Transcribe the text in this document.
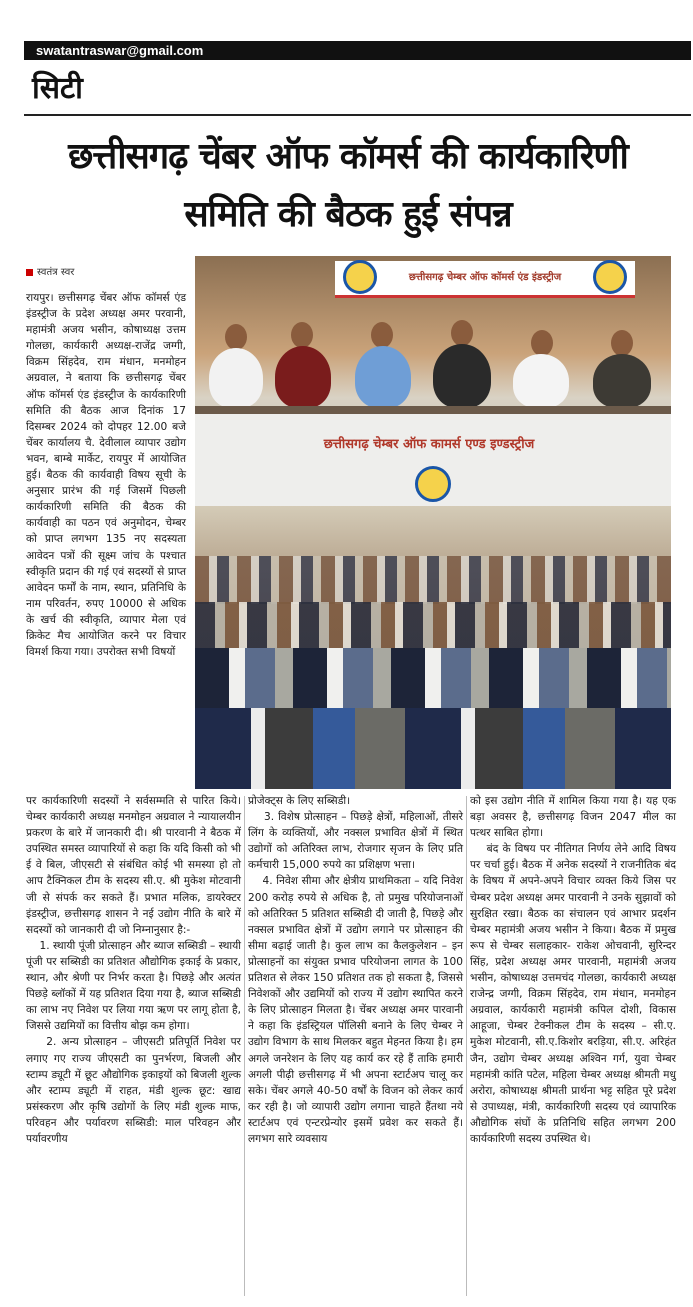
swatantraswar@gmail.com
सिटी
छत्तीसगढ़ चेंबर ऑफ कॉमर्स की कार्यकारिणी
समिति की बैठक हुई संपन्न
स्वतंत्र स्वर	छत्तीसगढ़ चेम्बर ऑफ कॉमर्स एंड इंडस्ट्रीज
छत्तीसगढ़ चेम्बर ऑफ कामर्स एण्ड इण्डस्ट्रीज
रायपुर। छत्तीसगढ़ चेंबर ऑफ कॉमर्स एंड इंडस्ट्रीज के प्रदेश अध्यक्ष अमर परवानी, महामंत्री अजय भसीन, कोषाध्यक्ष उत्तम गोलछा, कार्यकारी अध्यक्ष-राजेंद्र जग्गी, विक्रम सिंहदेव, राम मंधान, मनमोहन अग्रवाल, ने बताया कि छत्तीसगढ़ चेंबर ऑफ कॉमर्स एंड इंडस्ट्रीज के कार्यकारिणी समिति की बैठक आज दिनांक 17 दिसम्बर 2024 को दोपहर 12.00 बजे चेंबर कार्यालय चै. देवीलाल व्यापार उद्योग भवन, बाम्बे मार्केट, रायपुर में आयोजित हुई। बैठक की कार्यवाही विषय सूची के अनुसार प्रारंभ की गई जिसमें पिछली कार्यकारिणी समिति की बैठक की कार्यवाही का पठन एवं अनुमोदन, चेम्बर को प्राप्त लगभग 135 नए सदस्यता आवेदन पत्रों की सूक्ष्म जांच के पश्चात स्वीकृति प्रदान की गई एवं सदस्यों से प्राप्त आवेदन फर्मों के नाम, स्थान, प्रतिनिधि के नाम परिवर्तन, रुपए 10000 से अधिक के खर्च की स्वीकृति, व्यापार मेला एवं क्रिकेट मैच आयोजित करने पर विचार विमर्श किया गया। उपरोक्त सभी विषयों
पर कार्यकारिणी सदस्यों ने सर्वसम्मति से पारित किये। चेम्बर कार्यकारी अध्यक्ष मनमोहन अग्रवाल ने न्यायालयीन प्रकरण के बारे में जानकारी दी। श्री पारवानी ने बैठक में उपस्थित समस्त व्यापारियों से कहा कि यदि किसी को भी ई वे बिल, जीएसटी से संबंधित कोई भी समस्या हो तो आप टैक्निकल टीम के सदस्य सी.ए. श्री मुकेश मोटवानी जी से संपर्क कर सकते हैं। प्रभात मलिक, डायरेक्टर इंडस्ट्रीज, छत्तीसगढ़ शासन ने नई उद्योग नीति के बारे में सदस्यों को जानकारी दी जो निम्नानुसार है:-
1. स्थायी पूंजी प्रोत्साहन और ब्याज सब्सिडी – स्थायी पूंजी पर सब्सिडी का प्रतिशत औद्योगिक इकाई के प्रकार, स्थान, और श्रेणी पर निर्भर करता है। पिछड़े और अत्यंत पिछड़े ब्लॉकों में यह प्रतिशत दिया गया है, ब्याज सब्सिडी का लाभ नए निवेश पर लिया गया ऋण पर लागू होता है, जिससे उद्यमियों का वित्तीय बोझ कम होगा।
2. अन्य प्रोत्साहन – जीएसटी प्रतिपूर्ति निवेश पर लगाए गए राज्य जीएसटी का पुनर्भरण, बिजली और स्टाम्प ड्यूटी में छूट औद्योगिक इकाइयों को बिजली शुल्क और स्टाम्प ड्यूटी में राहत, मंडी शुल्क छूट: खाद्य प्रसंस्करण और कृषि उद्योगों के लिए मंडी शुल्क माफ, परिवहन और पर्यावरण सब्सिडी: माल परिवहन और पर्यावरणीय
प्रोजेक्ट्स के लिए सब्सिडी।
3. विशेष प्रोत्साहन – पिछड़े क्षेत्रों, महिलाओं, तीसरे लिंग के व्यक्तियों, और नक्सल प्रभावित क्षेत्रों में स्थित उद्योगों को अतिरिक्त लाभ, रोजगार सृजन के लिए प्रति कर्मचारी 15,000 रुपये का प्रशिक्षण भत्ता।
4. निवेश सीमा और क्षेत्रीय प्राथमिकता – यदि निवेश 200 करोड़ रुपये से अधिक है, तो प्रमुख परियोजनाओं को अतिरिक्त 5 प्रतिशत सब्सिडी दी जाती है, पिछड़े और नक्सल प्रभावित क्षेत्रों में उद्योग लगाने पर प्रोत्साहन की सीमा बढ़ाई जाती है। कुल लाभ का कैलकुलेशन – इन प्रोत्साहनों का संयुक्त प्रभाव परियोजना लागत के 100 प्रतिशत से लेकर 150 प्रतिशत तक हो सकता है, जिससे निवेशकों और उद्यमियों को राज्य में उद्योग स्थापित करने के लिए प्रोत्साहन मिलता है। चेंबर अध्यक्ष अमर पारवानी ने कहा कि इंडस्ट्रियल पॉलिसी बनाने के लिए चेम्बर ने उद्योग विभाग के साथ मिलकर बहुत मेहनत किया है। हम अगले जनरेशन के लिए यह कार्य कर रहे हैं ताकि हमारी अगली पीढ़ी छत्तीसगढ़ में भी अपना स्टार्टअप चालू कर सके। चेंबर अगले 40-50 वर्षों के विजन को लेकर कार्य कर रही है। जो व्यापारी उद्योग लगाना चाहते हैंतथा नये स्टार्टअप एवं एन्टरप्रेन्योर इसमें प्रवेश कर सकते हैं। लगभग सारे व्यवसाय
को इस उद्योग नीति में शामिल किया गया है। यह एक बड़ा अवसर है, छत्तीसगढ़ विजन 2047 मील का पत्थर साबित होगा।
बंद के विषय पर नीतिगत निर्णय लेने आदि विषय पर चर्चा हुई। बैठक में अनेक सदस्यों ने राजनीतिक बंद के विषय में अपने-अपने विचार व्यक्त किये जिस पर चेम्बर प्रदेश अध्यक्ष अमर पारवानी ने उनके सुझावों को सुरक्षित रखा। बैठक का संचालन एवं आभार प्रदर्शन चेम्बर महामंत्री अजय भसीन ने किया। बैठक में प्रमुख रूप से चेम्बर सलाहकार- राकेश ओचवानी, सुरिन्दर सिंह, प्रदेश अध्यक्ष अमर पारवानी, महामंत्री अजय भसीन, कोषाध्यक्ष उत्तमचंद गोलछा, कार्यकारी अध्यक्ष राजेन्द्र जग्गी, विक्रम सिंहदेव, राम मंधान, मनमोहन अग्रवाल, कार्यकारी महामंत्री कपिल दोशी, विकास आहूजा, चेम्बर टेक्नीकल टीम के सदस्य – सी.ए. मुकेश मोटवानी, सी.ए.किशोर बरड़िया, सी.ए. अरिहंत जैन, उद्योग चेम्बर अध्यक्ष अश्विन गर्ग, युवा चेम्बर महामंत्री कांति पटेल, महिला चेम्बर अध्यक्ष श्रीमती मधु अरोरा, कोषाध्यक्ष श्रीमती प्रार्थना भट्ट सहित पूरे प्रदेश से उपाध्यक्ष, मंत्री, कार्यकारिणी सदस्य एवं व्यापारिक औद्योगिक संघों के प्रतिनिधि सहित लगभग 200 कार्यकारिणी सदस्य उपस्थित थे।
